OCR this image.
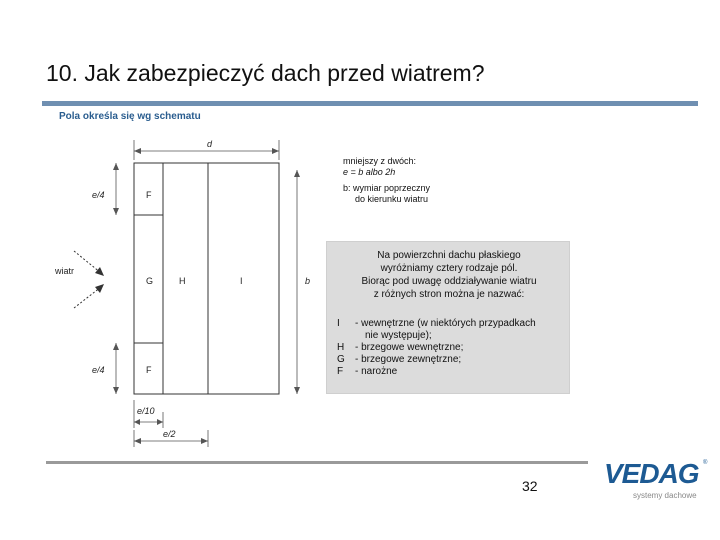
10. Jak zabezpieczyć dach przed wiatrem?
Pola określa się wg schematu
F
G	H	I
F
d
e/4
e/4
b
wiatr
e/10
e/2
mniejszy z dwóch:
e = b albo 2h
b: wymiar poprzeczny
do kierunku wiatru
Na powierzchni dachu płaskiego
wyróżniamy cztery rodzaje pól.
Biorąc pod uwagę oddziaływanie wiatru
z różnych stron można je nazwać:
I - wewnętrzne (w niektórych przypadkach
nie występuje);
H - brzegowe wewnętrzne;
G - brzegowe zewnętrzne;
F - narożne
VEDAG ®
systemy dachowe
32
